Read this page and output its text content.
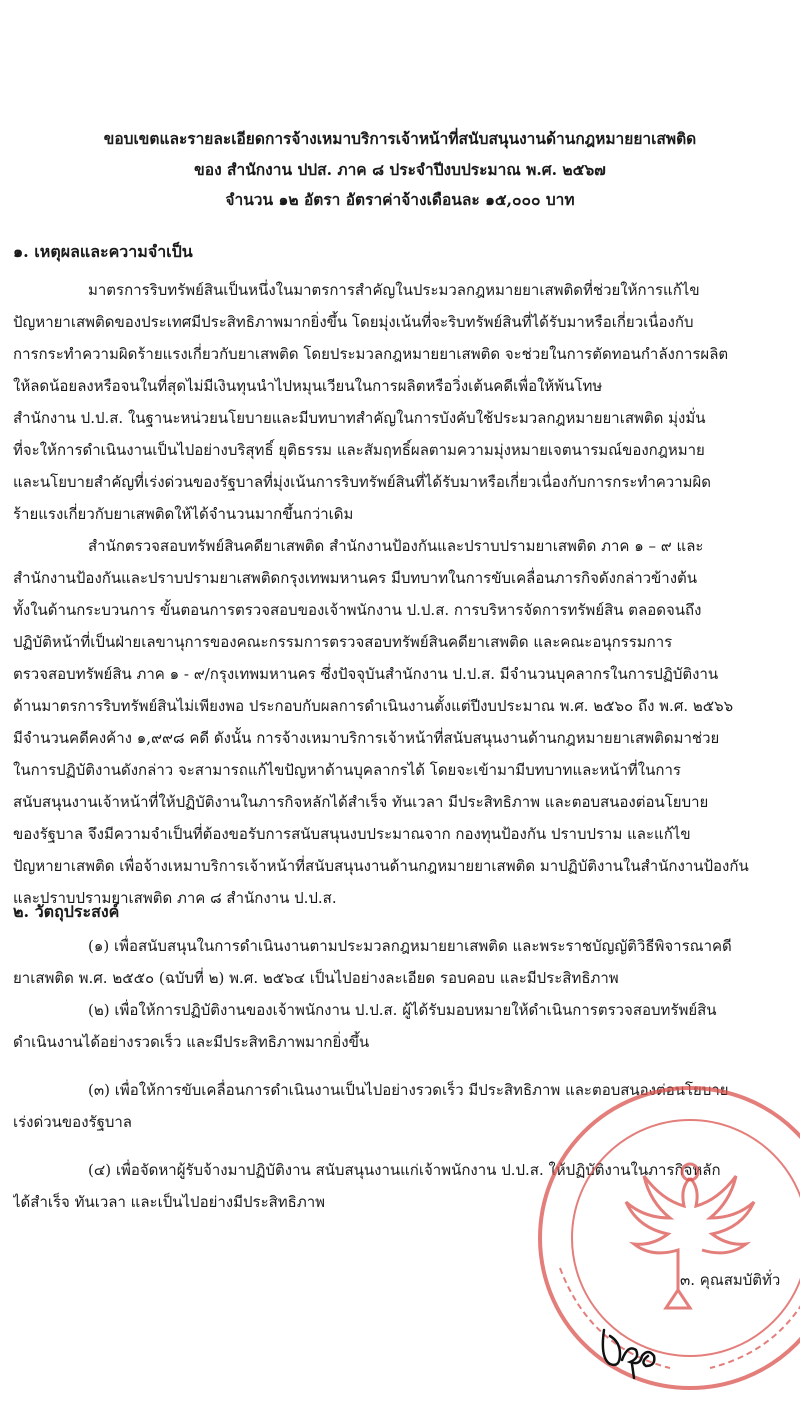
ขอบเขตและรายละเอียดการจ้างเหมาบริการเจ้าหน้าที่สนับสนุนงานด้านกฎหมายยาเสพติด
ของ สำนักงาน ปปส. ภาค ๘ ประจำปีงบประมาณ พ.ศ. ๒๕๖๗
จำนวน ๑๒ อัตรา อัตราค่าจ้างเดือนละ ๑๕,๐๐๐ บาท
๑. เหตุผลและความจำเป็น
มาตรการริบทรัพย์สินเป็นหนึ่งในมาตรการสำคัญในประมวลกฎหมายยาเสพติดที่ช่วยให้การแก้ไข
ปัญหายาเสพติดของประเทศมีประสิทธิภาพมากยิ่งขึ้น โดยมุ่งเน้นที่จะริบทรัพย์สินที่ได้รับมาหรือเกี่ยวเนื่องกับ
การกระทำความผิดร้ายแรงเกี่ยวกับยาเสพติด โดยประมวลกฎหมายยาเสพติด จะช่วยในการตัดทอนกำลังการผลิต
ให้ลดน้อยลงหรือจนในที่สุดไม่มีเงินทุนนำไปหมุนเวียนในการผลิตหรือวิ่งเต้นคดีเพื่อให้พ้นโทษ
สำนักงาน ป.ป.ส. ในฐานะหน่วยนโยบายและมีบทบาทสำคัญในการบังคับใช้ประมวลกฎหมายยาเสพติด มุ่งมั่น
ที่จะให้การดำเนินงานเป็นไปอย่างบริสุทธิ์ ยุติธรรม และสัมฤทธิ์ผลตามความมุ่งหมายเจตนารมณ์ของกฎหมาย
และนโยบายสำคัญที่เร่งด่วนของรัฐบาลที่มุ่งเน้นการริบทรัพย์สินที่ได้รับมาหรือเกี่ยวเนื่องกับการกระทำความผิด
ร้ายแรงเกี่ยวกับยาเสพติดให้ได้จำนวนมากขึ้นกว่าเดิม
สำนักตรวจสอบทรัพย์สินคดียาเสพติด สำนักงานป้องกันและปราบปรามยาเสพติด ภาค ๑ – ๙ และ
สำนักงานป้องกันและปราบปรามยาเสพติดกรุงเทพมหานคร มีบทบาทในการขับเคลื่อนภารกิจดังกล่าวข้างต้น
ทั้งในด้านกระบวนการ ขั้นตอนการตรวจสอบของเจ้าพนักงาน ป.ป.ส. การบริหารจัดการทรัพย์สิน ตลอดจนถึง
ปฏิบัติหน้าที่เป็นฝ่ายเลขานุการของคณะกรรมการตรวจสอบทรัพย์สินคดียาเสพติด และคณะอนุกรรมการ
ตรวจสอบทรัพย์สิน ภาค ๑ - ๙/กรุงเทพมหานคร ซึ่งปัจจุบันสำนักงาน ป.ป.ส. มีจำนวนบุคลากรในการปฏิบัติงาน
ด้านมาตรการริบทรัพย์สินไม่เพียงพอ ประกอบกับผลการดำเนินงานตั้งแต่ปีงบประมาณ พ.ศ. ๒๕๖๐ ถึง พ.ศ. ๒๕๖๖
มีจำนวนคดีคงค้าง ๑,๙๙๘ คดี ดังนั้น การจ้างเหมาบริการเจ้าหน้าที่สนับสนุนงานด้านกฎหมายยาเสพติดมาช่วย
ในการปฏิบัติงานดังกล่าว จะสามารถแก้ไขปัญหาด้านบุคลากรได้ โดยจะเข้ามามีบทบาทและหน้าที่ในการ
สนับสนุนงานเจ้าหน้าที่ให้ปฏิบัติงานในภารกิจหลักได้สำเร็จ ทันเวลา มีประสิทธิภาพ และตอบสนองต่อนโยบาย
ของรัฐบาล จึงมีความจำเป็นที่ต้องขอรับการสนับสนุนงบประมาณจาก กองทุนป้องกัน ปราบปราม และแก้ไข
ปัญหายาเสพติด เพื่อจ้างเหมาบริการเจ้าหน้าที่สนับสนุนงานด้านกฎหมายยาเสพติด มาปฏิบัติงานในสำนักงานป้องกัน
และปราบปรามยาเสพติด ภาค ๘ สำนักงาน ป.ป.ส.
๒. วัตถุประสงค์
(๑) เพื่อสนับสนุนในการดำเนินงานตามประมวลกฎหมายยาเสพติด และพระราชบัญญัติวิธีพิจารณาคดี
ยาเสพติด พ.ศ. ๒๕๕๐ (ฉบับที่ ๒) พ.ศ. ๒๕๖๔ เป็นไปอย่างละเอียด รอบคอบ และมีประสิทธิภาพ
(๒) เพื่อให้การปฏิบัติงานของเจ้าพนักงาน ป.ป.ส. ผู้ได้รับมอบหมายให้ดำเนินการตรวจสอบทรัพย์สิน
ดำเนินงานได้อย่างรวดเร็ว และมีประสิทธิภาพมากยิ่งขึ้น
(๓) เพื่อให้การขับเคลื่อนการดำเนินงานเป็นไปอย่างรวดเร็ว มีประสิทธิภาพ และตอบสนองต่อนโยบาย
เร่งด่วนของรัฐบาล
(๔) เพื่อจัดหาผู้รับจ้างมาปฏิบัติงาน สนับสนุนงานแก่เจ้าพนักงาน ป.ป.ส. ให้ปฏิบัติงานในภารกิจหลัก
ได้สำเร็จ ทันเวลา และเป็นไปอย่างมีประสิทธิภาพ
๓. คุณสมบัติทั่ว
